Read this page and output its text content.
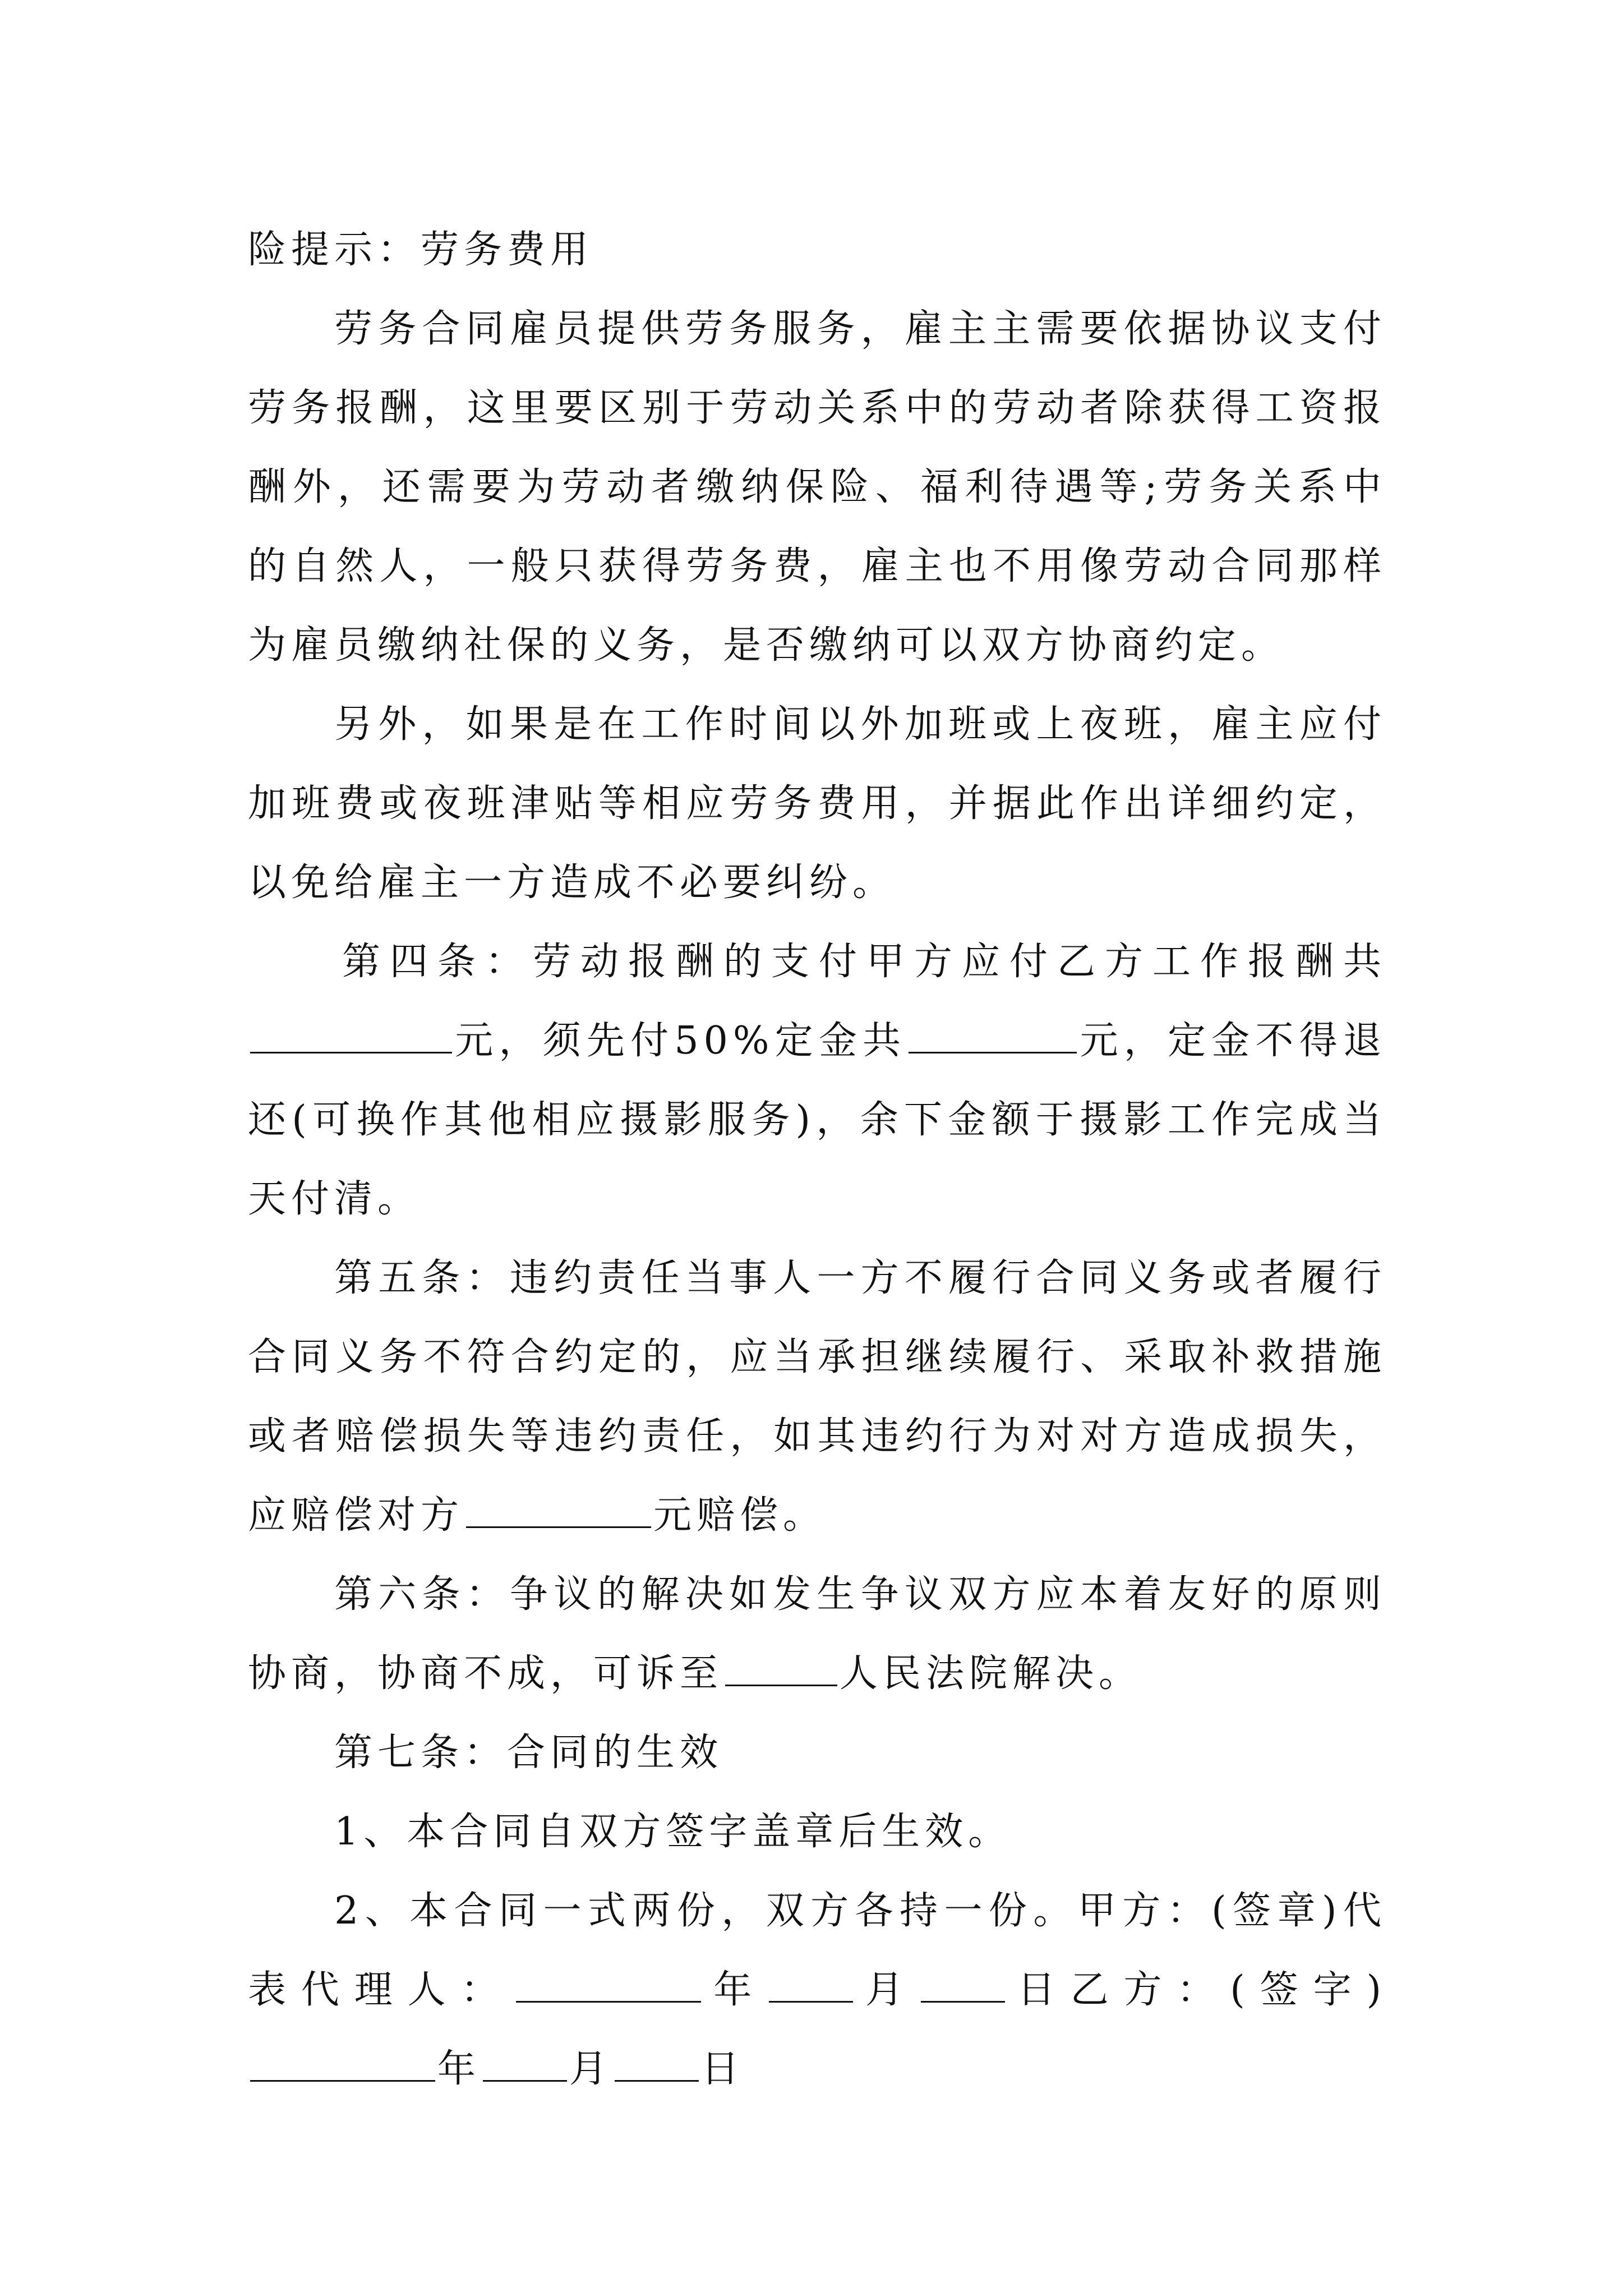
险提示：劳务费用

劳务合同雇员提供劳务服务，雇主主需要依据协议支付劳务报酬，这里要区别于劳动关系中的劳动者除获得工资报酬外，还需要为劳动者缴纳保险、福利待遇等;劳务关系中的自然人，一般只获得劳务费，雇主也不用像劳动合同那样为雇员缴纳社保的义务，是否缴纳可以双方协商约定。

另外，如果是在工作时间以外加班或上夜班，雇主应付加班费或夜班津贴等相应劳务费用，并据此作出详细约定，以免给雇主一方造成不必要纠纷。

第四条：劳动报酬的支付甲方应付乙方工作报酬共元，须先付50%定金共	元，定金不得退还(可换作其他相应摄影服务)，余下金额于摄影工作完成当天付清。

第五条：违约责任当事人一方不履行合同义务或者履行合同义务不符合约定的，应当承担继续履行、采取补救措施或者赔偿损失等违约责任，如其违约行为对对方造成损失，应赔偿对方	元赔偿。

第六条：争议的解决如发生争议双方应本着友好的原则协商，协商不成，可诉至	人民法院解决。

第七条：合同的生效

1、本合同自双方签字盖章后生效。

2、本合同一式两份，双方各持一份。甲方：(签章)代表代理人：	年 月 日乙方：(签字)年 月 日
